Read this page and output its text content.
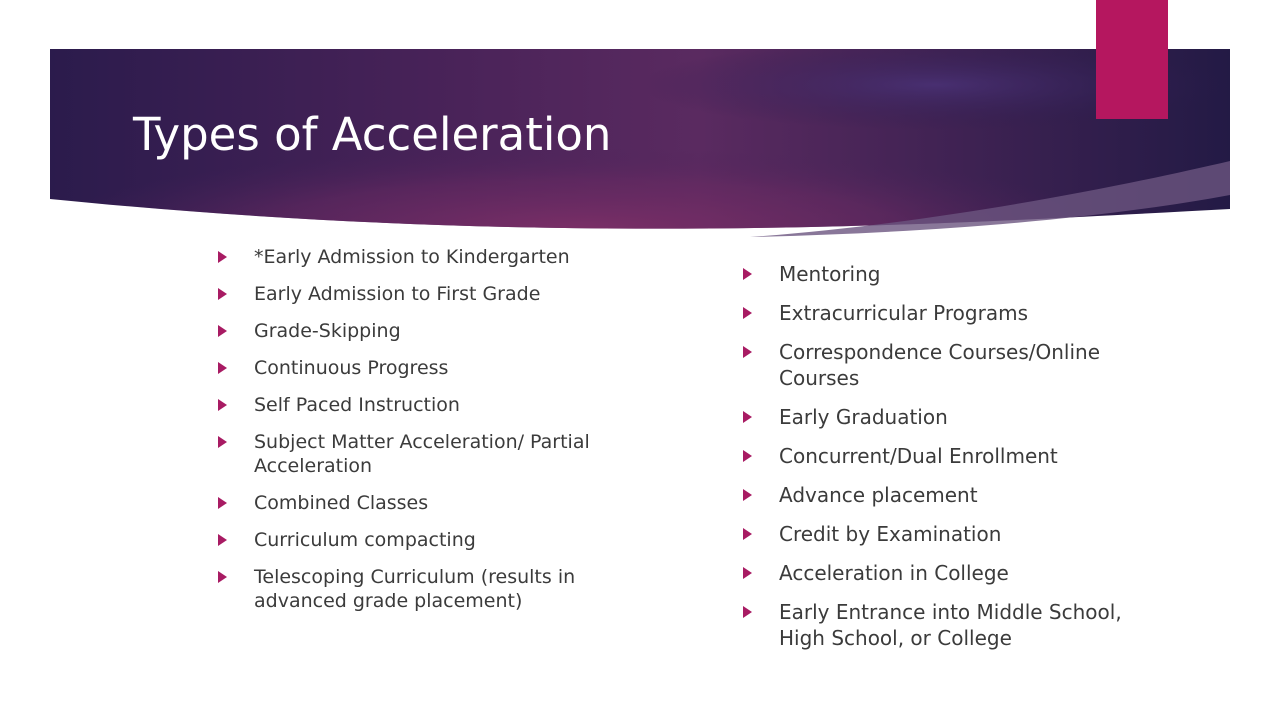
Types of Acceleration
*Early Admission to Kindergarten
Early Admission to First Grade
Grade-Skipping
Continuous Progress
Self Paced Instruction
Subject Matter Acceleration/ Partial Acceleration
Combined Classes
Curriculum compacting
Telescoping Curriculum (results in advanced grade placement)
Mentoring
Extracurricular Programs
Correspondence Courses/Online Courses
Early Graduation
Concurrent/Dual Enrollment
Advance placement
Credit by Examination
Acceleration in College
Early Entrance into Middle School, High School, or College
